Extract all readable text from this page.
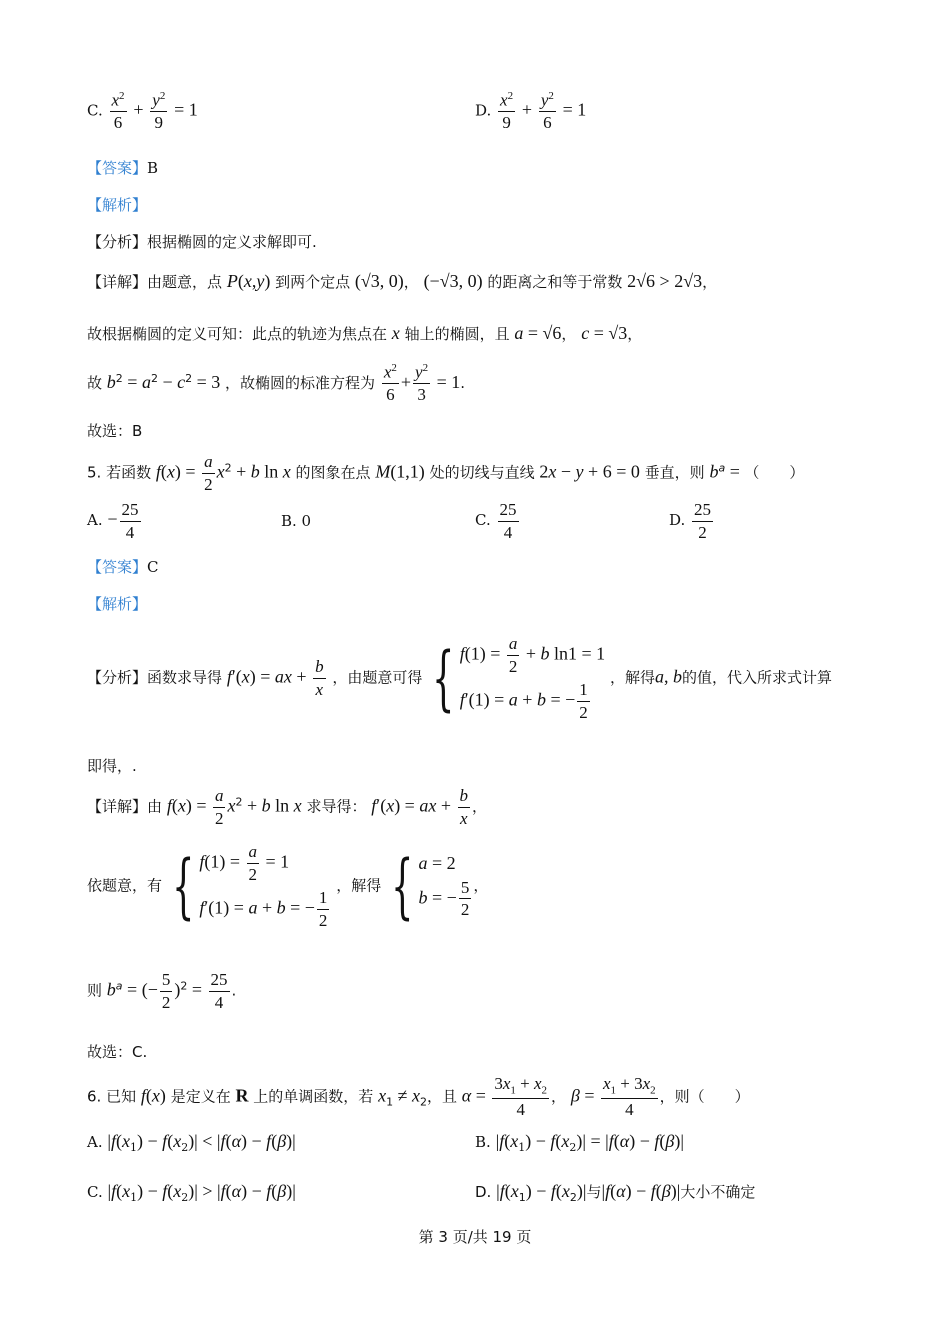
C. $\frac{x^2}{6} + \frac{y^2}{9} = 1$	D. $\frac{x^2}{9} + \frac{y^2}{6} = 1$
【答案】B
【解析】
【分析】根据椭圆的定义求解即可.
【详解】由题意，点 P(x,y) 到两个定点 (√3, 0)， (−√3, 0) 的距离之和等于常数 2√6 > 2√3，
故根据椭圆的定义可知：此点的轨迹为焦点在 x 轴上的椭圆，且 a = √6， c = √3，
故 $b^2 = a^2 - c^2 = 3$ ，故椭圆的标准方程为 $\frac{x^2}{6} + \frac{y^2}{3} = 1$.
故选：B
5. 若函数 $f(x) = \frac{a}{2} x^2 + b$ ln x 的图象在点 M(1,1) 处的切线与直线 2x − y + 6 = 0 垂直，则 $b^a$ = （　　）
A. − $\frac{25}{4}$	B. 0	C. $\frac{25}{4}$	D. $\frac{25}{2}$
【答案】C
【解析】
【分析】函数求导得 f′(x) = ax + $\frac{b}{x}$ ，由题意可得 { $f(1) = \frac{a}{2} + b$ ln1 = 1
f′(1) = a + b = − $\frac{1}{2}$
，解得a, b的值，代入所求式计算
即得，.
【详解】由 $f(x) = \frac{a}{2} x^2 + b$ ln x 求导得： f′(x) = ax + $\frac{b}{x}$ ，
依题意，有 { $f(1) = \frac{a}{2} = 1$
f′(1) = a + b = − $\frac{1}{2}$
，解得 { a = 2
b = − $\frac{5}{2}$ ，
则 $b^a$ = (− $\frac{5}{2} )^2 = \frac{25}{4}$ .
故选：C.
6. 已知 f(x) 是定义在 R 上的单调函数，若 $x_1 \ne x_2$，且 $\alpha = \frac{3x_1 + x_2}{4}$ ， $\beta = \frac{x_1 + 3x_2}{4}$ ，则（　　）
A. $|f(x_1) - f(x_2)| < |f(\alpha) - f(\beta)|$	B. $|f(x_1) - f(x_2)| = |f(\alpha) - f(\beta)|$
C. $|f(x_1) - f(x_2)| > |f(\alpha) - f(\beta)|$	D. $|f(x_1) - f(x_2)|$与|f(α) − f(β)|大小不确定
第 3 页/共 19 页
